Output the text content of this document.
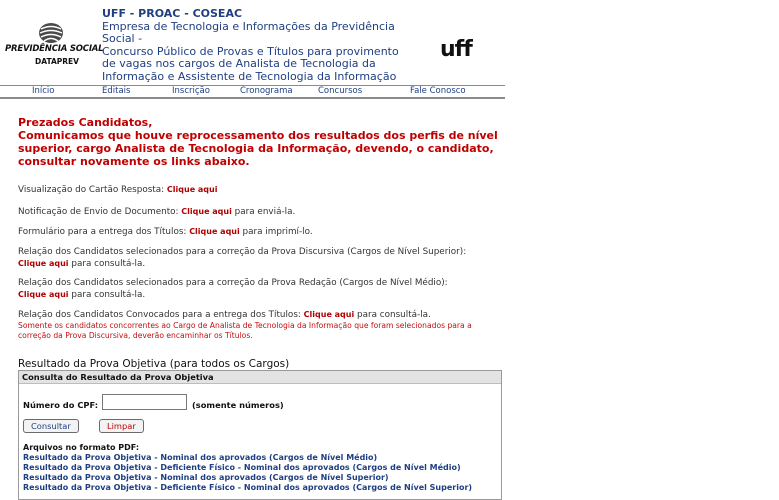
PREVIDÊNCIA SOCIAL
DATAPREV
UFF - PROAC - COSEAC
Empresa de Tecnologia e Informações da Previdência
Social -
Concurso Público de Provas e Títulos para provimento
de vagas nos cargos de Analista de Tecnologia da
Informação e Assistente de Tecnologia da Informação
uff
Início	Editais	Inscrição	Cronograma	Concursos	Fale Conosco
Prezados Candidatos,
Comunicamos que houve reprocessamento dos resultados dos perfis de nível superior, cargo Analista de Tecnologia da Informação, devendo, o candidato, consultar novamente os links abaixo.
Visualização do Cartão Resposta: Clique aqui
Notificação de Envio de Documento: Clique aqui para enviá-la.
Formulário para a entrega dos Títulos: Clique aqui para imprimí-lo.
Relação dos Candidatos selecionados para a correção da Prova Discursiva (Cargos de Nível Superior):
Clique aqui para consultá-la.
Relação dos Candidatos selecionados para a correção da Prova Redação (Cargos de Nível Médio):
Clique aqui para consultá-la.
Relação dos Candidatos Convocados para a entrega dos Títulos: Clique aqui para consultá-la.
Somente os candidatos concorrentes ao Cargo de Analista de Tecnologia da Informação que foram selecionados para a correção da Prova Discursiva, deverão encaminhar os Títulos.
Resultado da Prova Objetiva (para todos os Cargos)
Consulta do Resultado da Prova Objetiva
Número do CPF:	(somente números)
Consultar	Limpar
Arquivos no formato PDF:
Resultado da Prova Objetiva - Nominal dos aprovados (Cargos de Nível Médio)
Resultado da Prova Objetiva - Deficiente Físico - Nominal dos aprovados (Cargos de Nível Médio)
Resultado da Prova Objetiva - Nominal dos aprovados (Cargos de Nível Superior)
Resultado da Prova Objetiva - Deficiente Físico - Nominal dos aprovados (Cargos de Nível Superior)
